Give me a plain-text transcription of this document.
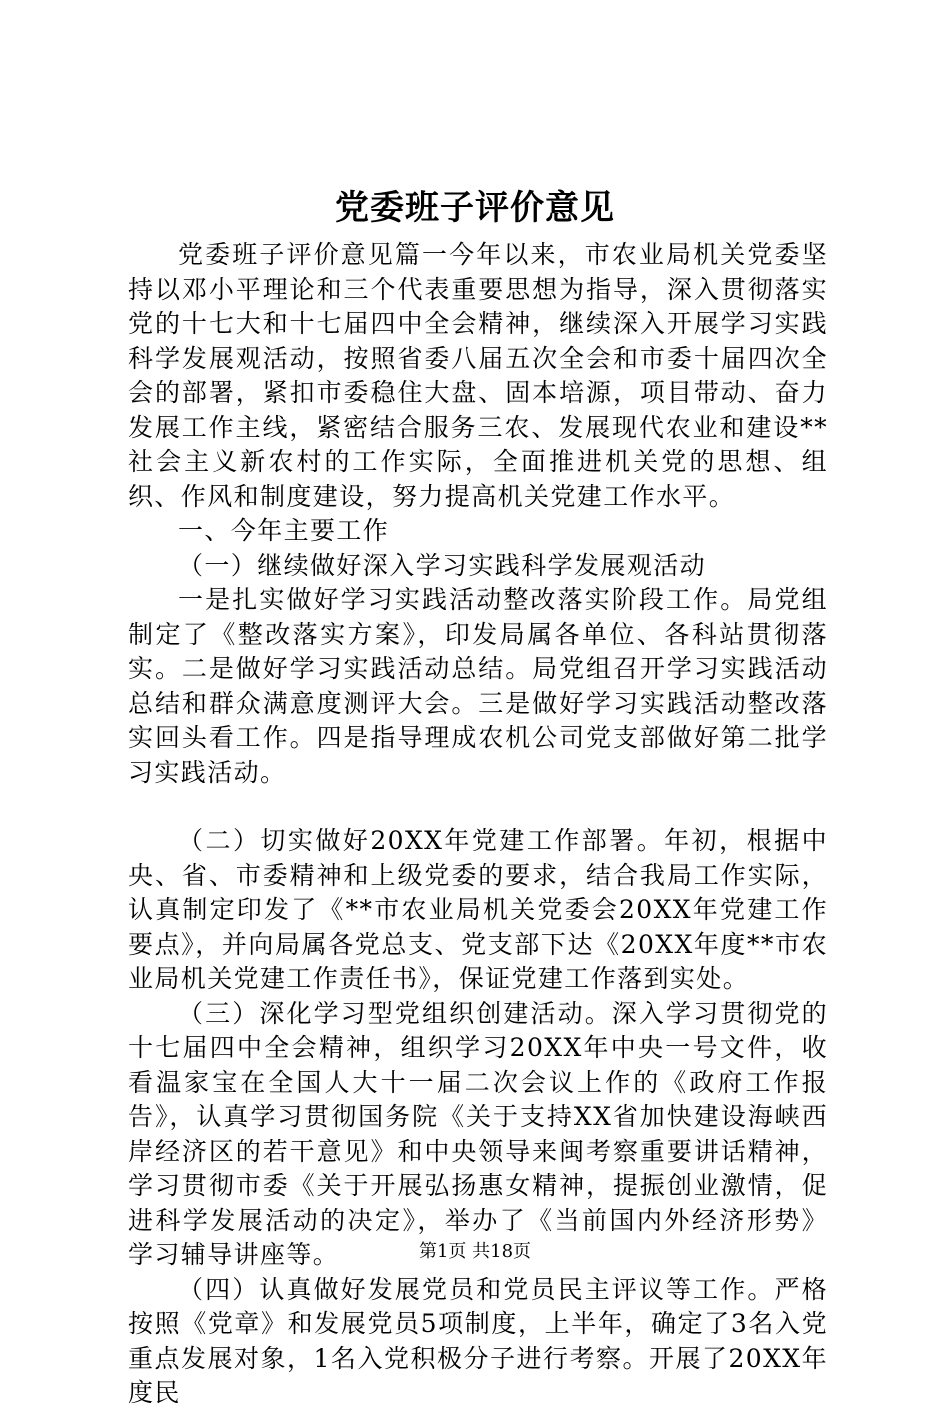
党委班子评价意见

党委班子评价意见篇一今年以来，市农业局机关党委坚持以邓小平理论和三个代表重要思想为指导，深入贯彻落实党的十七大和十七届四中全会精神，继续深入开展学习实践科学发展观活动，按照省委八届五次全会和市委十届四次全会的部署，紧扣市委稳住大盘、固本培源，项目带动、奋力发展工作主线，紧密结合服务三农、发展现代农业和建设**社会主义新农村的工作实际，全面推进机关党的思想、组织、作风和制度建设，努力提高机关党建工作水平。

一、今年主要工作

（一）继续做好深入学习实践科学发展观活动

一是扎实做好学习实践活动整改落实阶段工作。局党组制定了《整改落实方案》，印发局属各单位、各科站贯彻落实。二是做好学习实践活动总结。局党组召开学习实践活动总结和群众满意度测评大会。三是做好学习实践活动整改落实回头看工作。四是指导理成农机公司党支部做好第二批学习实践活动。

（二）切实做好20XX年党建工作部署。年初，根据中央、省、市委精神和上级党委的要求，结合我局工作实际，认真制定印发了《**市农业局机关党委会20XX年党建工作要点》，并向局属各党总支、党支部下达《20XX年度**市农业局机关党建工作责任书》，保证党建工作落到实处。

（三）深化学习型党组织创建活动。深入学习贯彻党的十七届四中全会精神，组织学习20XX年中央一号文件，收看温家宝在全国人大十一届二次会议上作的《政府工作报告》，认真学习贯彻国务院《关于支持XX省加快建设海峡西岸经济区的若干意见》和中央领导来闽考察重要讲话精神，学习贯彻市委《关于开展弘扬惠女精神，提振创业激情，促进科学发展活动的决定》，举办了《当前国内外经济形势》学习辅导讲座等。

（四）认真做好发展党员和党员民主评议等工作。严格按照《党章》和发展党员5项制度，上半年，确定了3名入党重点发展对象，1名入党积极分子进行考察。开展了20XX年度民

第1页 共18页
